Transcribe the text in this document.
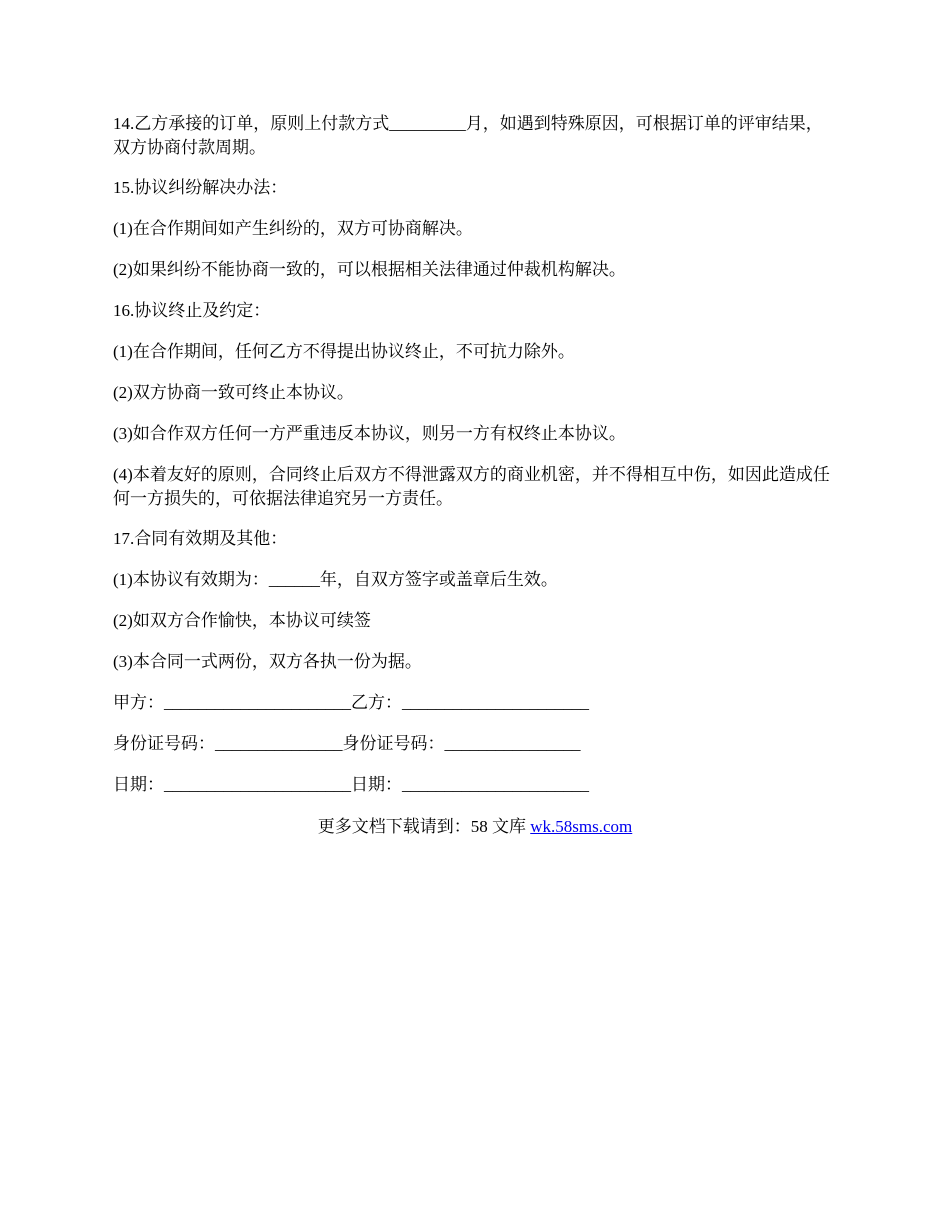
14.乙方承接的订单，原则上付款方式_________月，如遇到特殊原因，可根据订单的评审结果，双方协商付款周期。

15.协议纠纷解决办法：

(1)在合作期间如产生纠纷的，双方可协商解决。

(2)如果纠纷不能协商一致的，可以根据相关法律通过仲裁机构解决。

16.协议终止及约定：

(1)在合作期间，任何乙方不得提出协议终止，不可抗力除外。

(2)双方协商一致可终止本协议。

(3)如合作双方任何一方严重违反本协议，则另一方有权终止本协议。

(4)本着友好的原则，合同终止后双方不得泄露双方的商业机密，并不得相互中伤，如因此造成任何一方损失的，可依据法律追究另一方责任。

17.合同有效期及其他：

(1)本协议有效期为：______年，自双方签字或盖章后生效。

(2)如双方合作愉快，本协议可续签

(3)本合同一式两份，双方各执一份为据。

甲方：______________________乙方：______________________

身份证号码：_______________身份证号码：________________

日期：______________________日期：______________________

更多文档下载请到：58 文库 wk.58sms.com
